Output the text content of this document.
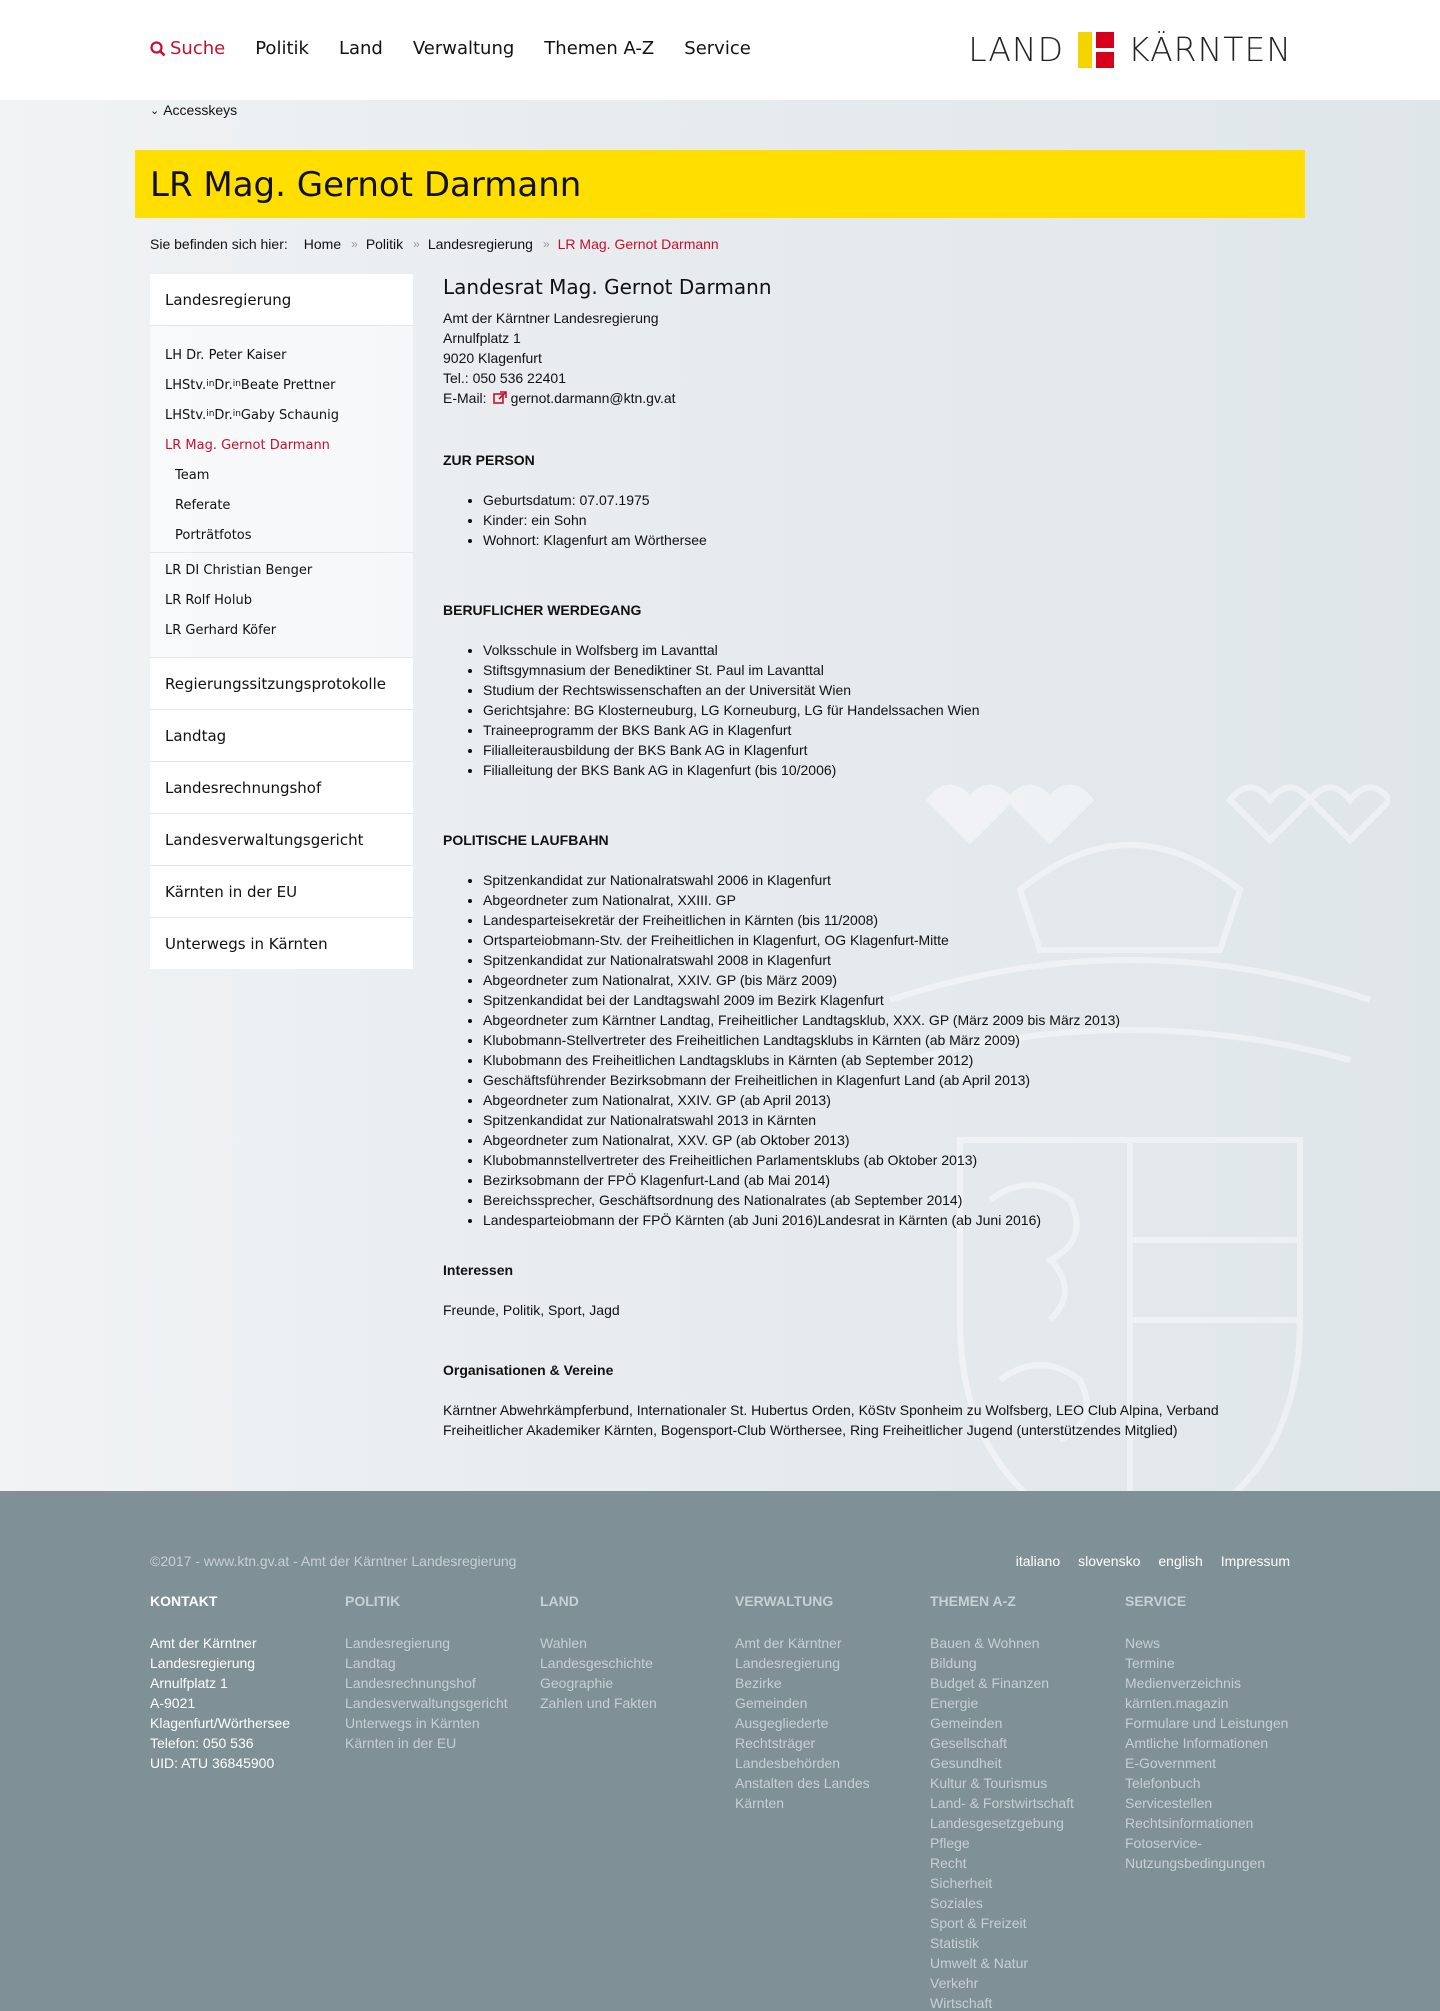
Suche Politik Land Verwaltung Themen A-Z Service	LAND KÄRNTEN
⌄ Accesskeys
LR Mag. Gernot Darmann
Sie befinden sich hier: Home » Politik » Landesregierung » LR Mag. Gernot Darmann
Landesregierung
LH Dr. Peter Kaiser
LHStv.$^{in}$ Dr.$^{in}$ Beate Prettner
LHStv.$^{in}$ Dr.$^{in}$ Gaby Schaunig
LR Mag. Gernot Darmann
Team
Referate
Porträtfotos
LR DI Christian Benger
LR Rolf Holub
LR Gerhard Köfer
Regierungssitzungsprotokolle
Landtag
Landesrechnungshof
Landesverwaltungsgericht
Kärnten in der EU
Unterwegs in Kärnten
Landesrat Mag. Gernot Darmann
Amt der Kärntner Landesregierung
Arnulfplatz 1
9020 Klagenfurt
Tel.: 050 536 22401
E-Mail: gernot.darmann@ktn.gv.at
ZUR PERSON
• Geburtsdatum: 07.07.1975
• Kinder: ein Sohn
• Wohnort: Klagenfurt am Wörthersee
BERUFLICHER WERDEGANG
• Volksschule in Wolfsberg im Lavanttal
• Stiftsgymnasium der Benediktiner St. Paul im Lavanttal
• Studium der Rechtswissenschaften an der Universität Wien
• Gerichtsjahre: BG Klosterneuburg, LG Korneuburg, LG für Handelssachen Wien
• Traineeprogramm der BKS Bank AG in Klagenfurt
• Filialleiterausbildung der BKS Bank AG in Klagenfurt
• Filialleitung der BKS Bank AG in Klagenfurt (bis 10/2006)
POLITISCHE LAUFBAHN
• Spitzenkandidat zur Nationalratswahl 2006 in Klagenfurt
• Abgeordneter zum Nationalrat, XXIII. GP
• Landesparteisekretär der Freiheitlichen in Kärnten (bis 11/2008)
• Ortsparteiobmann-Stv. der Freiheitlichen in Klagenfurt, OG Klagenfurt-Mitte
• Spitzenkandidat zur Nationalratswahl 2008 in Klagenfurt
• Abgeordneter zum Nationalrat, XXIV. GP (bis März 2009)
• Spitzenkandidat bei der Landtagswahl 2009 im Bezirk Klagenfurt
• Abgeordneter zum Kärntner Landtag, Freiheitlicher Landtagsklub, XXX. GP (März 2009 bis März 2013)
• Klubobmann-Stellvertreter des Freiheitlichen Landtagsklubs in Kärnten (ab März 2009)
• Klubobmann des Freiheitlichen Landtagsklubs in Kärnten (ab September 2012)
• Geschäftsführender Bezirksobmann der Freiheitlichen in Klagenfurt Land (ab April 2013)
• Abgeordneter zum Nationalrat, XXIV. GP (ab April 2013)
• Spitzenkandidat zur Nationalratswahl 2013 in Kärnten
• Abgeordneter zum Nationalrat, XXV. GP (ab Oktober 2013)
• Klubobmannstellvertreter des Freiheitlichen Parlamentsklubs (ab Oktober 2013)
• Bezirksobmann der FPÖ Klagenfurt-Land (ab Mai 2014)
• Bereichssprecher, Geschäftsordnung des Nationalrates (ab September 2014)
• Landesparteiobmann der FPÖ Kärnten (ab Juni 2016)Landesrat in Kärnten (ab Juni 2016)
Interessen
Freunde, Politik, Sport, Jagd
Organisationen & Vereine
Kärntner Abwehrkämpferbund, Internationaler St. Hubertus Orden, KöStv Sponheim zu Wolfsberg, LEO Club Alpina, Verband
Freiheitlicher Akademiker Kärnten, Bogensport-Club Wörthersee, Ring Freiheitlicher Jugend (unterstützendes Mitglied)
©2017 - www.ktn.gv.at - Amt der Kärntner Landesregierung	italiano slovensko english Impressum
KONTAKT
Amt der Kärntner
Landesregierung
Arnulfplatz 1
A-9021
Klagenfurt/Wörthersee
Telefon: 050 536
UID: ATU 36845900
POLITIK
Landesregierung
Landtag
Landesrechnungshof
Landesverwaltungsgericht
Unterwegs in Kärnten
Kärnten in der EU
LAND
Wahlen
Landesgeschichte
Geographie
Zahlen und Fakten
VERWALTUNG
Amt der Kärntner
Landesregierung
Bezirke
Gemeinden
Ausgegliederte
Rechtsträger
Landesbehörden
Anstalten des Landes
Kärnten
THEMEN A-Z
Bauen & Wohnen
Bildung
Budget & Finanzen
Energie
Gemeinden
Gesellschaft
Gesundheit
Kultur & Tourismus
Land- & Forstwirtschaft
Landesgesetzgebung
Pflege
Recht
Sicherheit
Soziales
Sport & Freizeit
Statistik
Umwelt & Natur
Verkehr
Wirtschaft
SERVICE
News
Termine
Medienverzeichnis
kärnten.magazin
Formulare und Leistungen
Amtliche Informationen
E-Government
Telefonbuch
Servicestellen
Rechtsinformationen
Fotoservice-
Nutzungsbedingungen
